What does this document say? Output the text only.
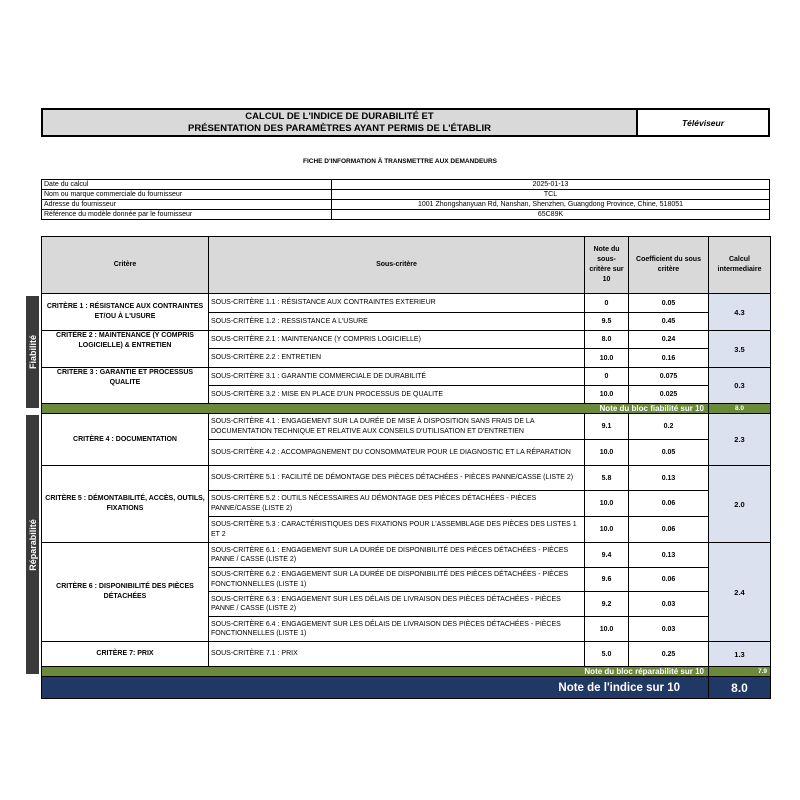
CALCUL DE L'INDICE DE DURABILITÉ ET
PRÉSENTATION DES PARAMÈTRES AYANT PERMIS DE L'ÉTABLIR	Téléviseur
FICHE D'INFORMATION À TRANSMETTRE AUX DEMANDEURS
Date du calcul	2025-01-13
Nom ou marque commerciale du fournisseur	TCL
Adresse du fournisseur	1001 Zhongshanyuan Rd, Nanshan, Shenzhen, Guangdong Province, Chine, 518051
Référence du modèle donnée par le fournisseur	65C89K
Fiabilité
Réparabilité
Critère	Sous-critère	Note du sous-critère sur 10	Coefficient du sous critère	Calcul intermediaire
CRITÈRE 1 : RÉSISTANCE AUX CONTRAINTES ET/OU À L'USURE	SOUS-CRITÈRE 1.1 : RÉSISTANCE AUX CONTRAINTES EXTERIEUR	0	0.05	4.3
	SOUS-CRITÈRE 1.2 : RESSISTANCE A L'USURE	9.5	0.45	
CRITÈRE 2 : MAINTENANCE (Y COMPRIS LOGICIELLE) & ENTRETIEN	SOUS-CRITÈRE 2.1 : MAINTENANCE (Y COMPRIS LOGICIELLE)	8.0	0.24	3.5
	SOUS-CRITÈRE 2.2 : ENTRETIEN	10.0	0.16	
CRITERE 3 : GARANTIE ET PROCESSUS QUALITE	SOUS-CRITÈRE 3.1 : GARANTIE COMMERCIALE DE DURABILITÉ	0	0.075	0.3
	SOUS-CRITÈRE 3.2 : MISE EN PLACE D'UN PROCESSUS DE QUALITE	10.0	0.025	
Note du bloc fiabilité sur 10				8.0
CRITÈRE 4 : DOCUMENTATION	SOUS-CRITÈRE 4.1 : ENGAGEMENT SUR LA DURÉE DE MISE À DISPOSITION SANS FRAIS DE LA DOCUMENTATION TECHNIQUE ET RELATIVE AUX CONSEILS D'UTILISATION ET D'ENTRETIEN	9.1	0.2	2.3
	SOUS-CRITÈRE 4.2 : ACCOMPAGNEMENT DU CONSOMMATEUR POUR LE DIAGNOSTIC ET LA RÉPARATION	10.0	0.05	
CRITÈRE 5 : DÉMONTABILITÉ, ACCÈS, OUTILS, FIXATIONS	SOUS-CRITÈRE 5.1 : FACILITÉ DE DÉMONTAGE DES PIÈCES DÉTACHÉES - PIÈCES PANNE/CASSE (LISTE 2)	5.8	0.13	2.0
	SOUS-CRITÈRE 5.2 : OUTILS NÉCESSAIRES AU DÉMONTAGE DES PIÈCES DÉTACHÉES - PIÈCES PANNE/CASSE (LISTE 2)	10.0	0.06	
	SOUS-CRITÈRE 5.3 : CARACTÉRISTIQUES DES FIXATIONS POUR L'ASSEMBLAGE DES PIÈCES DES LISTES 1 ET 2	10.0	0.06	
CRITÈRE 6 : DISPONIBILITÉ DES PIÈCES DÉTACHÉES	SOUS-CRITÈRE 6.1 : ENGAGEMENT SUR LA DURÉE DE DISPONIBILITÉ DES PIÈCES DÉTACHÉES - PIÈCES PANNE / CASSE (LISTE 2)	9.4	0.13	2.4
	SOUS-CRITÈRE 6.2 : ENGAGEMENT SUR LA DURÉE DE DISPONIBILITÉ DES PIÈCES DÉTACHÉES - PIÈCES FONCTIONNELLES (LISTE 1)	9.6	0.06	
	SOUS-CRITÈRE 6.3 : ENGAGEMENT SUR LES DÉLAIS DE LIVRAISON DES PIÈCES DÉTACHÉES - PIÈCES PANNE / CASSE (LISTE 2)	9.2	0.03	
	SOUS-CRITÈRE 6.4 : ENGAGEMENT SUR LES DÉLAIS DE LIVRAISON DES PIÈCES DÉTACHÉES - PIÈCES FONCTIONNELLES (LISTE 1)	10.0	0.03	
CRITÈRE 7: PRIX	SOUS-CRITÈRE 7.1 : PRIX	5.0	0.25	1.3
Note du bloc réparabilité sur 10				7.9
Note de l'indice sur 10				8.0
